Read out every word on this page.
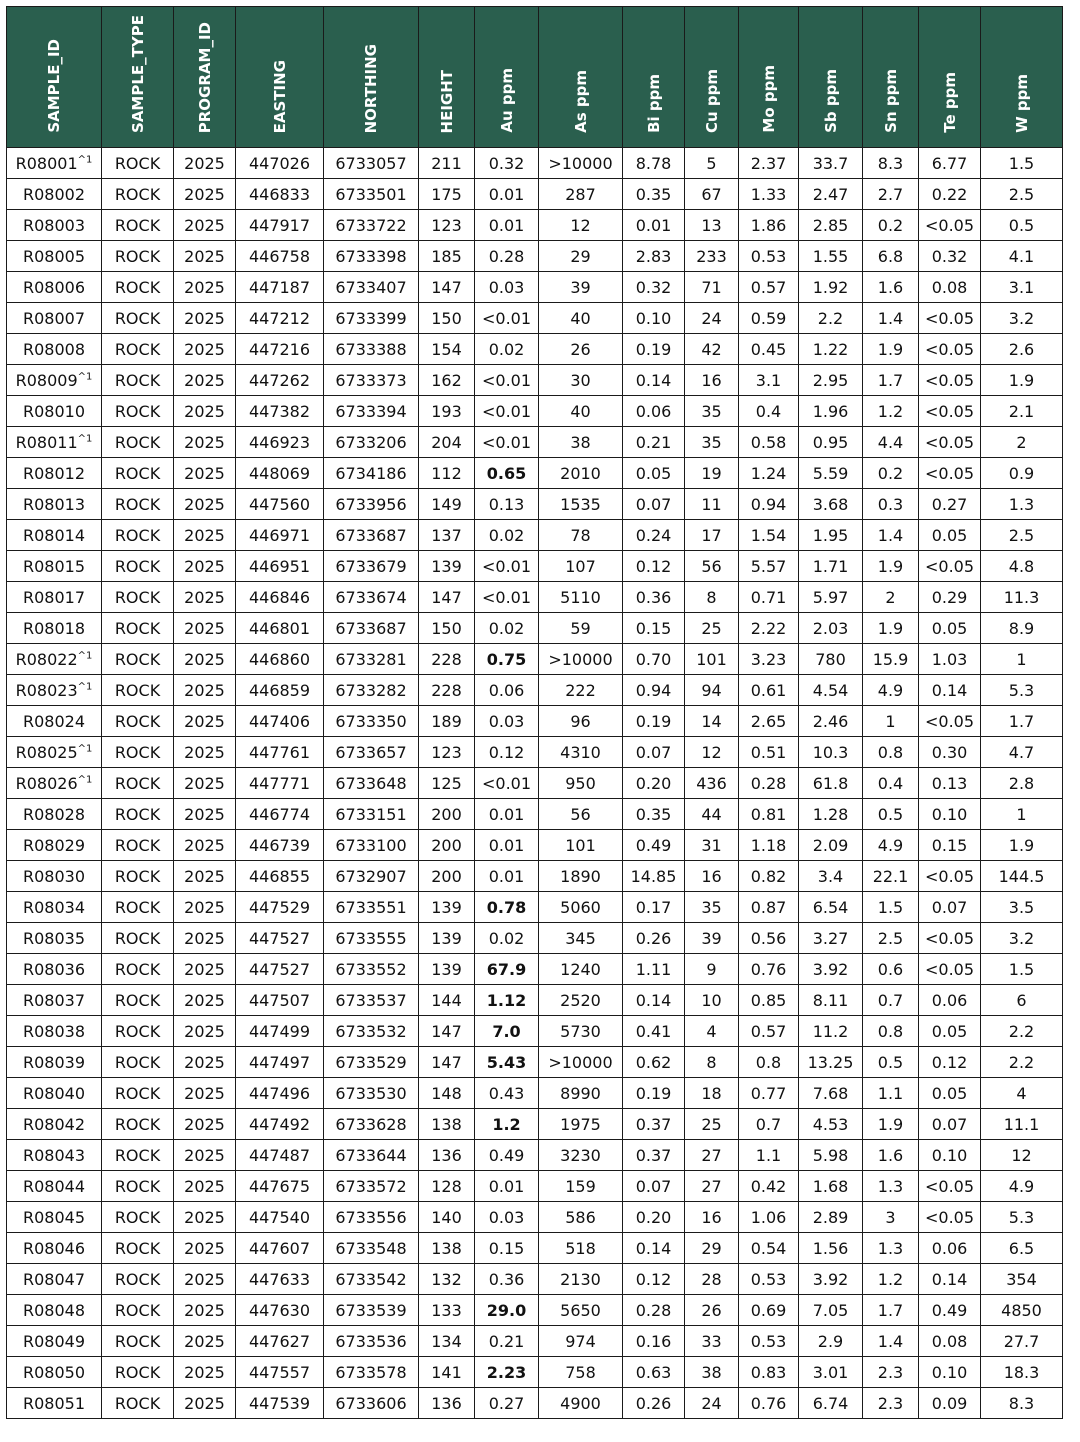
SAMPLE_ID	SAMPLE_TYPE	PROGRAM_ID	EASTING	NORTHING	HEIGHT	Au ppm	As ppm	Bi ppm	Cu ppm	Mo ppm	Sb ppm	Sn ppm	Te ppm	W ppm
$R08001^{\^{}1}$	ROCK	2025	447026	6733057	211	0.32	>10000	8.78	5	2.37	33.7	8.3	6.77	1.5
R08002	ROCK	2025	446833	6733501	175	0.01	287	0.35	67	1.33	2.47	2.7	0.22	2.5
R08003	ROCK	2025	447917	6733722	123	0.01	12	0.01	13	1.86	2.85	0.2	<0.05	0.5
R08005	ROCK	2025	446758	6733398	185	0.28	29	2.83	233	0.53	1.55	6.8	0.32	4.1
R08006	ROCK	2025	447187	6733407	147	0.03	39	0.32	71	0.57	1.92	1.6	0.08	3.1
R08007	ROCK	2025	447212	6733399	150	<0.01	40	0.10	24	0.59	2.2	1.4	<0.05	3.2
R08008	ROCK	2025	447216	6733388	154	0.02	26	0.19	42	0.45	1.22	1.9	<0.05	2.6
$R08009^{\^{}1}$	ROCK	2025	447262	6733373	162	<0.01	30	0.14	16	3.1	2.95	1.7	<0.05	1.9
R08010	ROCK	2025	447382	6733394	193	<0.01	40	0.06	35	0.4	1.96	1.2	<0.05	2.1
$R08011^{\^{}1}$	ROCK	2025	446923	6733206	204	<0.01	38	0.21	35	0.58	0.95	4.4	<0.05	2
R08012	ROCK	2025	448069	6734186	112	0.65	2010	0.05	19	1.24	5.59	0.2	<0.05	0.9
R08013	ROCK	2025	447560	6733956	149	0.13	1535	0.07	11	0.94	3.68	0.3	0.27	1.3
R08014	ROCK	2025	446971	6733687	137	0.02	78	0.24	17	1.54	1.95	1.4	0.05	2.5
R08015	ROCK	2025	446951	6733679	139	<0.01	107	0.12	56	5.57	1.71	1.9	<0.05	4.8
R08017	ROCK	2025	446846	6733674	147	<0.01	5110	0.36	8	0.71	5.97	2	0.29	11.3
R08018	ROCK	2025	446801	6733687	150	0.02	59	0.15	25	2.22	2.03	1.9	0.05	8.9
$R08022^{\^{}1}$	ROCK	2025	446860	6733281	228	0.75	>10000	0.70	101	3.23	780	15.9	1.03	1
$R08023^{\^{}1}$	ROCK	2025	446859	6733282	228	0.06	222	0.94	94	0.61	4.54	4.9	0.14	5.3
R08024	ROCK	2025	447406	6733350	189	0.03	96	0.19	14	2.65	2.46	1	<0.05	1.7
$R08025^{\^{}1}$	ROCK	2025	447761	6733657	123	0.12	4310	0.07	12	0.51	10.3	0.8	0.30	4.7
$R08026^{\^{}1}$	ROCK	2025	447771	6733648	125	<0.01	950	0.20	436	0.28	61.8	0.4	0.13	2.8
R08028	ROCK	2025	446774	6733151	200	0.01	56	0.35	44	0.81	1.28	0.5	0.10	1
R08029	ROCK	2025	446739	6733100	200	0.01	101	0.49	31	1.18	2.09	4.9	0.15	1.9
R08030	ROCK	2025	446855	6732907	200	0.01	1890	14.85	16	0.82	3.4	22.1	<0.05	144.5
R08034	ROCK	2025	447529	6733551	139	0.78	5060	0.17	35	0.87	6.54	1.5	0.07	3.5
R08035	ROCK	2025	447527	6733555	139	0.02	345	0.26	39	0.56	3.27	2.5	<0.05	3.2
R08036	ROCK	2025	447527	6733552	139	67.9	1240	1.11	9	0.76	3.92	0.6	<0.05	1.5
R08037	ROCK	2025	447507	6733537	144	1.12	2520	0.14	10	0.85	8.11	0.7	0.06	6
R08038	ROCK	2025	447499	6733532	147	7.0	5730	0.41	4	0.57	11.2	0.8	0.05	2.2
R08039	ROCK	2025	447497	6733529	147	5.43	>10000	0.62	8	0.8	13.25	0.5	0.12	2.2
R08040	ROCK	2025	447496	6733530	148	0.43	8990	0.19	18	0.77	7.68	1.1	0.05	4
R08042	ROCK	2025	447492	6733628	138	1.2	1975	0.37	25	0.7	4.53	1.9	0.07	11.1
R08043	ROCK	2025	447487	6733644	136	0.49	3230	0.37	27	1.1	5.98	1.6	0.10	12
R08044	ROCK	2025	447675	6733572	128	0.01	159	0.07	27	0.42	1.68	1.3	<0.05	4.9
R08045	ROCK	2025	447540	6733556	140	0.03	586	0.20	16	1.06	2.89	3	<0.05	5.3
R08046	ROCK	2025	447607	6733548	138	0.15	518	0.14	29	0.54	1.56	1.3	0.06	6.5
R08047	ROCK	2025	447633	6733542	132	0.36	2130	0.12	28	0.53	3.92	1.2	0.14	354
R08048	ROCK	2025	447630	6733539	133	29.0	5650	0.28	26	0.69	7.05	1.7	0.49	4850
R08049	ROCK	2025	447627	6733536	134	0.21	974	0.16	33	0.53	2.9	1.4	0.08	27.7
R08050	ROCK	2025	447557	6733578	141	2.23	758	0.63	38	0.83	3.01	2.3	0.10	18.3
R08051	ROCK	2025	447539	6733606	136	0.27	4900	0.26	24	0.76	6.74	2.3	0.09	8.3
